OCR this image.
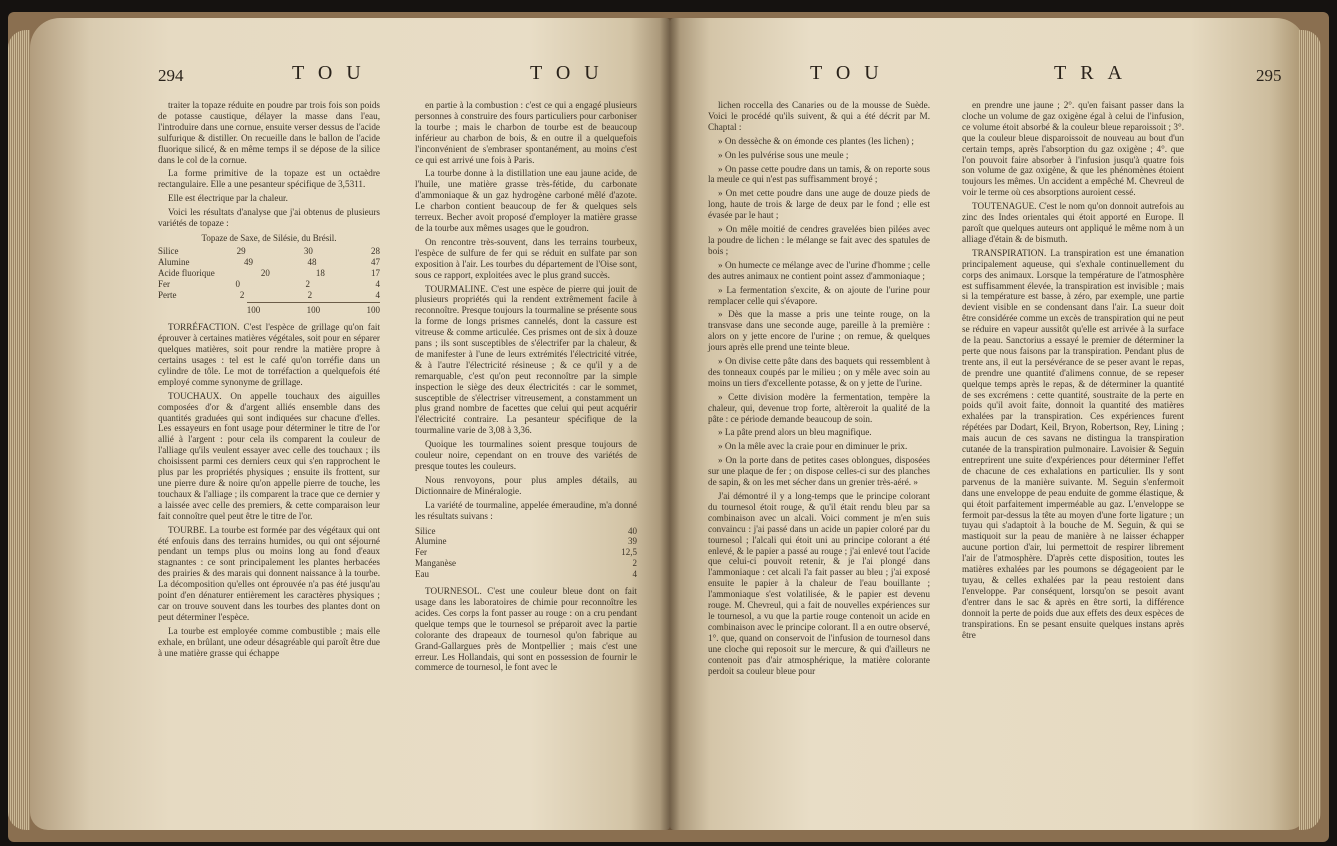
294	TOU	TOU

traiter la topaze réduite en poudre par trois fois son poids de potasse caustique, délayer la masse dans l'eau, l'introduire dans une cornue, ensuite verser dessus de l'acide sulfurique & distiller. On recueille dans le ballon de l'acide fluorique silicé, & en même temps il se dépose de la silice dans le col de la cornue.

La forme primitive de la topaze est un octaèdre rectangulaire. Elle a une pesanteur spécifique de 3,5311.

Elle est électrique par la chaleur.

Voici les résultats d'analyse que j'ai obtenus de plusieurs variétés de topaze :

Topaze de Saxe, de Silésie, du Brésil.
Silice	29	30	28
Alumine	49	48	47
Acide fluorique	20	18	17
Fer	0	2	4
Perte	2	2	4
100	100	100

TORRÉFACTION. C'est l'espèce de grillage qu'on fait éprouver à certaines matières végétales, soit pour en séparer quelques matières, soit pour rendre la matière propre à certains usages : tel est le café qu'on torréfie dans un cylindre de tôle. Le mot de torréfaction a quelquefois été employé comme synonyme de grillage.

TOUCHAUX. On appelle touchaux des aiguilles composées d'or & d'argent alliés ensemble dans des quantités graduées qui sont indiquées sur chacune d'elles. Les essayeurs en font usage pour déterminer le titre de l'or allié à l'argent : pour cela ils comparent la couleur de l'alliage qu'ils veulent essayer avec celle des touchaux ; ils choisissent parmi ces derniers ceux qui s'en rapprochent le plus par les propriétés physiques ; ensuite ils frottent, sur une pierre dure & noire qu'on appelle pierre de touche, les touchaux & l'alliage ; ils comparent la trace que ce dernier y a laissée avec celle des premiers, & cette comparaison leur fait connoître quel peut être le titre de l'or.

TOURBE. La tourbe est formée par des végétaux qui ont été enfouis dans des terrains humides, ou qui ont séjourné pendant un temps plus ou moins long au fond d'eaux stagnantes : ce sont principalement les plantes herbacées des prairies & des marais qui donnent naissance à la tourbe. La décomposition qu'elles ont éprouvée n'a pas été jusqu'au point d'en dénaturer entièrement les caractères physiques ; car on trouve souvent dans les tourbes des plantes dont on peut déterminer l'espèce.

La tourbe est employée comme combustible ; mais elle exhale, en brûlant, une odeur désagréable qui paroît être due à une matière grasse qui échappe

en partie à la combustion : c'est ce qui a engagé plusieurs personnes à construire des fours particuliers pour carboniser la tourbe ; mais le charbon de tourbe est de beaucoup inférieur au charbon de bois, & en outre il a quelquefois l'inconvénient de s'embraser spontanément, au moins c'est ce qui est arrivé une fois à Paris.

La tourbe donne à la distillation une eau jaune acide, de l'huile, une matière grasse très-fétide, du carbonate d'ammoniaque & un gaz hydrogène carboné mêlé d'azote. Le charbon contient beaucoup de fer & quelques sels terreux. Becher avoit proposé d'employer la matière grasse de la tourbe aux mêmes usages que le goudron.

On rencontre très-souvent, dans les terrains tourbeux, l'espèce de sulfure de fer qui se réduit en sulfate par son exposition à l'air. Les tourbes du département de l'Oise sont, sous ce rapport, exploitées avec le plus grand succès.

TOURMALINE. C'est une espèce de pierre qui jouit de plusieurs propriétés qui la rendent extrêmement facile à reconnoître. Presque toujours la tourmaline se présente sous la forme de longs prismes cannelés, dont la cassure est vitreuse & comme articulée. Ces prismes ont de six à douze pans ; ils sont susceptibles de s'électrifer par la chaleur, & de manifester à l'une de leurs extrémités l'électricité vitrée, & à l'autre l'électricité résineuse ; & ce qu'il y a de remarquable, c'est qu'on peut reconnoître par la simple inspection le siège des deux électricités : car le sommet, susceptible de s'électriser vitreusement, a constamment un plus grand nombre de facettes que celui qui peut acquérir l'électricité contraire. La pesanteur spécifique de la tourmaline varie de 3,08 à 3,36.

Quoique les tourmalines soient presque toujours de couleur noire, cependant on en trouve des variétés de presque toutes les couleurs.

Nous renvoyons, pour plus amples détails, au Dictionnaire de Minéralogie.

La variété de tourmaline, appelée émeraudine, m'a donné les résultats suivans :

Silice	40
Alumine	39
Fer	12,5
Manganèse	2
Eau	4

TOURNESOL. C'est une couleur bleue dont on fait usage dans les laboratoires de chimie pour reconnoître les acides. Ces corps la font passer au rouge : on a cru pendant quelque temps que le tournesol se préparoit avec la partie colorante des drapeaux de tournesol qu'on fabrique au Grand-Gallargues près de Montpellier ; mais c'est une erreur. Les Hollandais, qui sont en possession de fournir le commerce de tournesol, le font avec le

TOU	TRA	295

lichen roccella des Canaries ou de la mousse de Suède. Voici le procédé qu'ils suivent, & qui a été décrit par M. Chaptal :

» On dessèche & on émonde ces plantes (les lichen) ;

» On les pulvérise sous une meule ;

» On passe cette poudre dans un tamis, & on reporte sous la meule ce qui n'est pas suffisamment broyé ;

» On met cette poudre dans une auge de douze pieds de long, haute de trois & large de deux par le fond ; elle est évasée par le haut ;

» On mêle moitié de cendres gravelées bien pilées avec la poudre de lichen : le mélange se fait avec des spatules de bois ;

» On humecte ce mélange avec de l'urine d'homme ; celle des autres animaux ne contient point assez d'ammoniaque ;

» La fermentation s'excite, & on ajoute de l'urine pour remplacer celle qui s'évapore.

» Dès que la masse a pris une teinte rouge, on la transvase dans une seconde auge, pareille à la première : alors on y jette encore de l'urine ; on remue, & quelques jours après elle prend une teinte bleue.

» On divise cette pâte dans des baquets qui ressemblent à des tonneaux coupés par le milieu ; on y mêle avec soin au moins un tiers d'excellente potasse, & on y jette de l'urine.

» Cette division modère la fermentation, tempère la chaleur, qui, devenue trop forte, altèreroit la qualité de la pâte : ce période demande beaucoup de soin.

» La pâte prend alors un bleu magnifique.

» On la mêle avec la craie pour en diminuer le prix.

» On la porte dans de petites cases oblongues, disposées sur une plaque de fer ; on dispose celles-ci sur des planches de sapin, & on les met sécher dans un grenier très-aéré. »

J'ai démontré il y a long-temps que le principe colorant du tournesol étoit rouge, & qu'il était rendu bleu par sa combinaison avec un alcali. Voici comment je m'en suis convaincu : j'ai passé dans un acide un papier coloré par du tournesol ; l'alcali qui étoit uni au principe colorant a été enlevé, & le papier a passé au rouge ; j'ai enlevé tout l'acide que celui-ci pouvoit retenir, & je l'ai plongé dans l'ammoniaque : cet alcali l'a fait passer au bleu ; j'ai exposé ensuite le papier à la chaleur de l'eau bouillante ; l'ammoniaque s'est volatilisée, & le papier est devenu rouge. M. Chevreul, qui a fait de nouvelles expériences sur le tournesol, a vu que la partie rouge contenoit un acide en combinaison avec le principe colorant. Il a en outre observé, 1°. que, quand on conservoit de l'infusion de tournesol dans une cloche qui reposoit sur le mercure, & qui d'ailleurs ne contenoit pas d'air atmosphérique, la matière colorante perdoit sa couleur bleue pour

en prendre une jaune ; 2°. qu'en faisant passer dans la cloche un volume de gaz oxigène égal à celui de l'infusion, ce volume étoit absorbé & la couleur bleue reparoissoit ; 3°. que la couleur bleue disparoissoit de nouveau au bout d'un certain temps, après l'absorption du gaz oxigène ; 4°. que l'on pouvoit faire absorber à l'infusion jusqu'à quatre fois son volume de gaz oxigène, & que les phénomènes étoient toujours les mêmes. Un accident a empêché M. Chevreul de voir le terme où ces absorptions auroient cessé.

TOUTENAGUE. C'est le nom qu'on donnoit autrefois au zinc des Indes orientales qui étoit apporté en Europe. Il paroît que quelques auteurs ont appliqué le même nom à un alliage d'étain & de bismuth.

TRANSPIRATION. La transpiration est une émanation principalement aqueuse, qui s'exhale continuellement du corps des animaux. Lorsque la température de l'atmosphère est suffisamment élevée, la transpiration est invisible ; mais si la température est basse, à zéro, par exemple, une partie devient visible en se condensant dans l'air. La sueur doit être considérée comme un excès de transpiration qui ne peut se réduire en vapeur aussitôt qu'elle est arrivée à la surface de la peau. Sanctorius a essayé le premier de déterminer la perte que nous faisons par la transpiration. Pendant plus de trente ans, il eut la persévérance de se peser avant le repas, de prendre une quantité d'alimens connue, de se repeser quelque temps après le repas, & de déterminer la quantité de ses excrémens : cette quantité, soustraite de la perte en poids qu'il avoit faite, donnoit la quantité des matières exhalées par la transpiration. Ces expériences furent répétées par Dodart, Keil, Bryon, Robertson, Rey, Lining ; mais aucun de ces savans ne distingua la transpiration cutanée de la transpiration pulmonaire. Lavoisier & Seguin entreprirent une suite d'expériences pour déterminer l'effet de chacune de ces exhalations en particulier. Ils y sont parvenus de la manière suivante. M. Seguin s'enfermoit dans une enveloppe de peau enduite de gomme élastique, & qui étoit parfaitement imperméable au gaz. L'enveloppe se fermoit par-dessus la tête au moyen d'une forte ligature ; un tuyau qui s'adaptoit à la bouche de M. Seguin, & qui se mastiquoit sur la peau de manière à ne laisser échapper aucune portion d'air, lui permettoit de respirer librement l'air de l'atmosphère. D'après cette disposition, toutes les matières exhalées par les poumons se dégageoient par le tuyau, & celles exhalées par la peau restoient dans l'enveloppe. Par conséquent, lorsqu'on se pesoit avant d'entrer dans le sac & après en être sorti, la différence donnoit la perte de poids due aux effets des deux espèces de transpirations. En se pesant ensuite quelques instans après être
